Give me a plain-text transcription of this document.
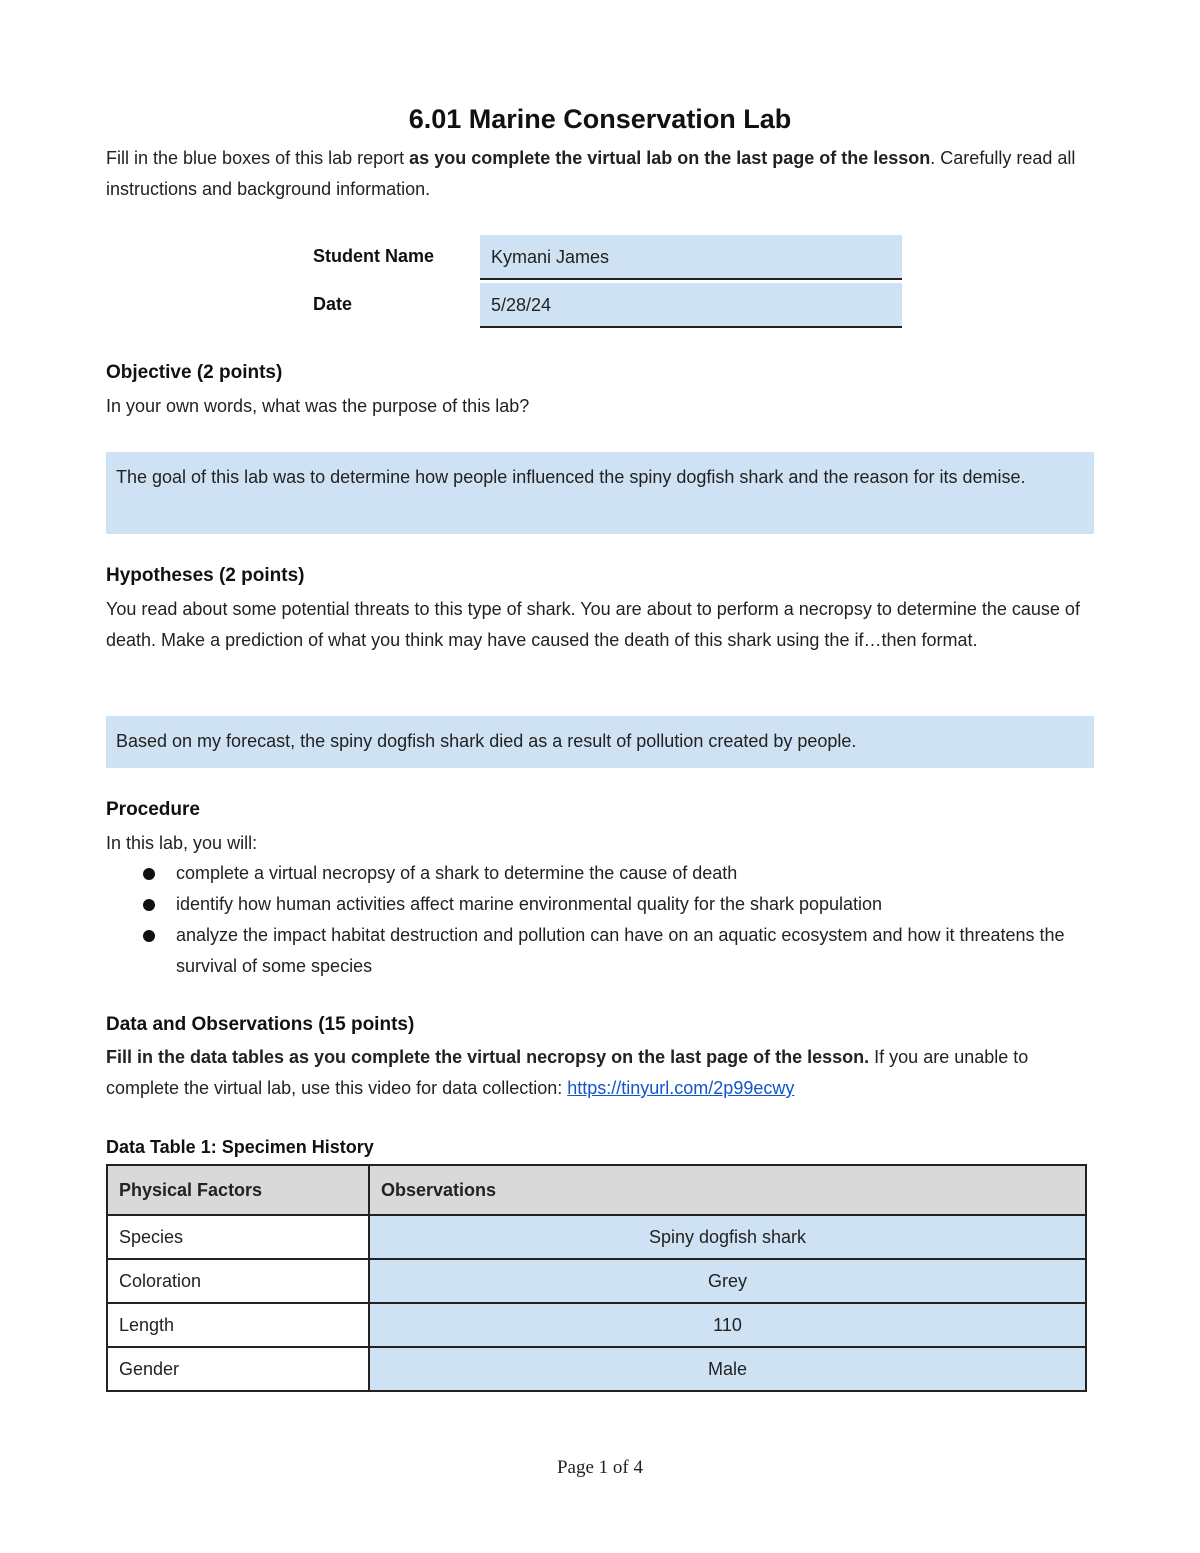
6.01 Marine Conservation Lab
Fill in the blue boxes of this lab report as you complete the virtual lab on the last page of the lesson. Carefully read all instructions and background information.
Student Name	Kymani James
Date	5/28/24
Objective (2 points)
In your own words, what was the purpose of this lab?
The goal of this lab was to determine how people influenced the spiny dogfish shark and the reason for its demise.
Hypotheses (2 points)
You read about some potential threats to this type of shark. You are about to perform a necropsy to determine the cause of death. Make a prediction of what you think may have caused the death of this shark using the if…then format.
Based on my forecast, the spiny dogfish shark died as a result of pollution created by people.
Procedure
In this lab, you will:
complete a virtual necropsy of a shark to determine the cause of death
identify how human activities affect marine environmental quality for the shark population
analyze the impact habitat destruction and pollution can have on an aquatic ecosystem and how it threatens the survival of some species
Data and Observations (15 points)
Fill in the data tables as you complete the virtual necropsy on the last page of the lesson. If you are unable to complete the virtual lab, use this video for data collection: https://tinyurl.com/2p99ecwy
Data Table 1: Specimen History
Physical Factors	Observations
Species	Spiny dogfish shark
Coloration	Grey
Length	110
Gender	Male
Page 1 of 4
